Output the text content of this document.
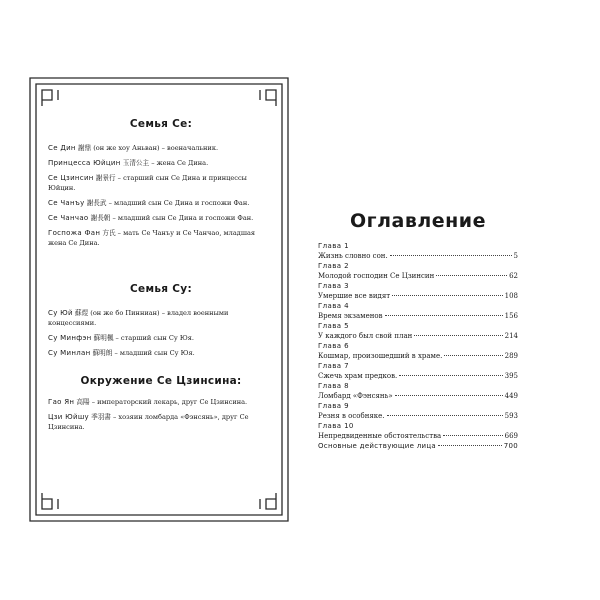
Семья Се:

Се Дин 謝鼎 (он же хоу Аньван) – военачальник.

Принцесса Юйцин 玉清公主 – жена Се Дина.

Се Цзинсин 謝景行 – старший сын Се Дина и принцессы Юйцин.

Се Чанъу 謝長武 – младший сын Се Дина и госпожи Фан.

Се Чанчао 謝長朝 – младший сын Се Дина и госпожи Фан.

Госпожа Фан 方氏 – мать Се Чанъу и Се Чанчао, младшая жена Се Дина.

Семья Су:

Су Юй 蘇煜 (он же бо Пинниан) – владел военными концессиями.

Су Минфэн 蘇明楓 – старший сын Су Юя.

Су Минлан 蘇明朗 – младший сын Су Юя.

Окружение Се Цзинсина:

Гао Ян 高陽 – императорский лекарь, друг Се Цзинсина.

Цзи Юйшу 季羽書 – хозяин ломбарда «Фэнсянь», друг Се Цзинсина.

Оглавление
Глава 1
Жизнь словно сон.	5
Глава 2
Молодой господин Се Цзинсин	62
Глава 3
Умершие все видят	108
Глава 4
Время экзаменов	156
Глава 5
У каждого был свой план	214
Глава 6
Кошмар, произошедший в храме.	289
Глава 7
Сжечь храм предков.	395
Глава 8
Ломбард «Фэнсянь»	449
Глава 9
Резня в особняке.	593
Глава 10
Непредвиденные обстоятельства	669
Основные действующие лица	700
